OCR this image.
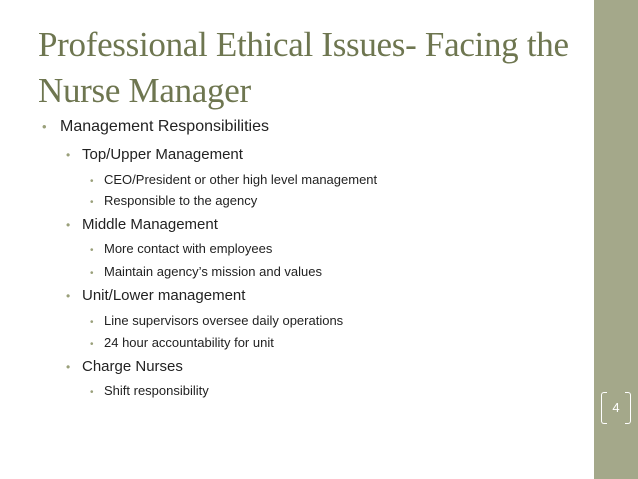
Professional Ethical Issues- Facing the Nurse Manager
• Management Responsibilities
• Top/Upper Management
• CEO/President or other high level management
• Responsible to the agency
• Middle Management
• More contact with employees
• Maintain agency’s mission and values
• Unit/Lower management
• Line supervisors oversee daily operations
• 24 hour accountability for unit
• Charge Nurses
• Shift responsibility
4
